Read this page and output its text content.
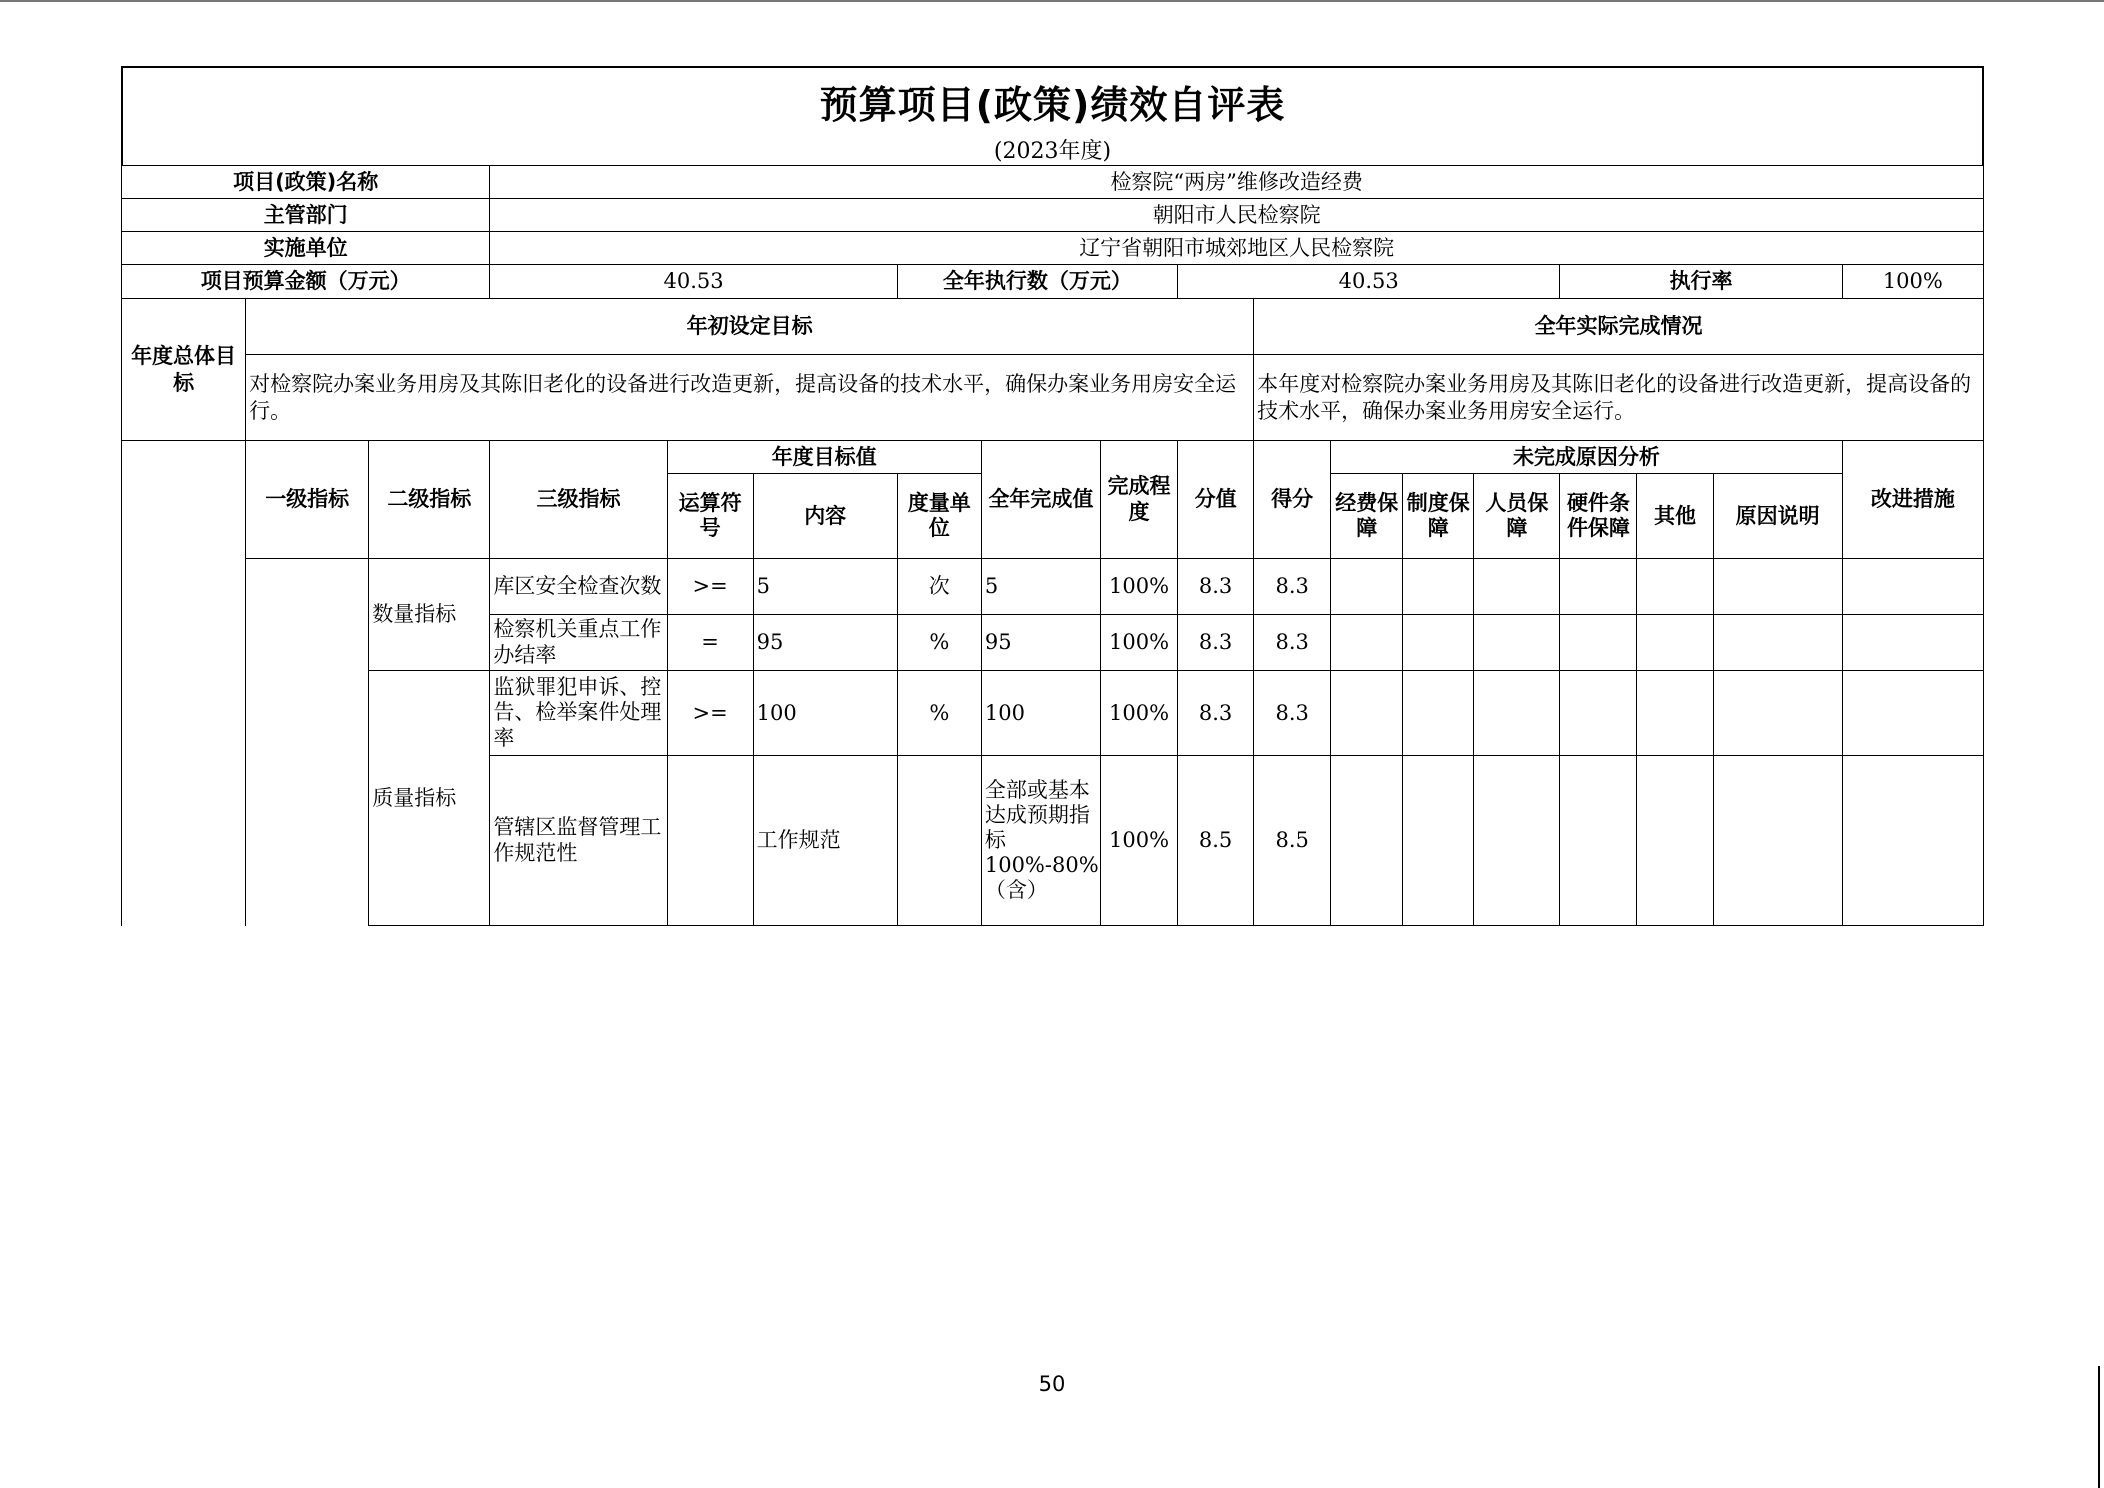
预算项目(政策)绩效自评表
(2023年度)
项目(政策)名称			检察院“两房”维修改造经费														
主管部门			朝阳市人民检察院														
实施单位			辽宁省朝阳市城郊地区人民检察院														
项目预算金额（万元）			40.53			全年执行数（万元）			40.53					执行率			100%
年度总体目标	年初设定目标									全年实际完成情况							
	对检察院办案业务用房及其陈旧老化的设备进行改造更新，提高设备的技术水平，确保办案业务用房安全运行。									本年度对检察院办案业务用房及其陈旧老化的设备进行改造更新，提高设备的技术水平，确保办案业务用房安全运行。							
	一级指标	二级指标	三级指标	年度目标值			全年完成值	完成程度	分值	得分	未完成原因分析						改进措施
				运算符号	内容	度量单位					经费保障	制度保障	人员保障	硬件条件保障	其他	原因说明	
		数量指标	库区安全检查次数	>=	5	次	5	100%	8.3	8.3							
			检察机关重点工作办结率	=	95	%	95	100%	8.3	8.3							
		质量指标	监狱罪犯申诉、控告、检举案件处理率	>=	100	%	100	100%	8.3	8.3							
			管辖区监督管理工作规范性		工作规范		全部或基本达成预期指标100%-80%（含）	100%	8.5	8.5							
50
